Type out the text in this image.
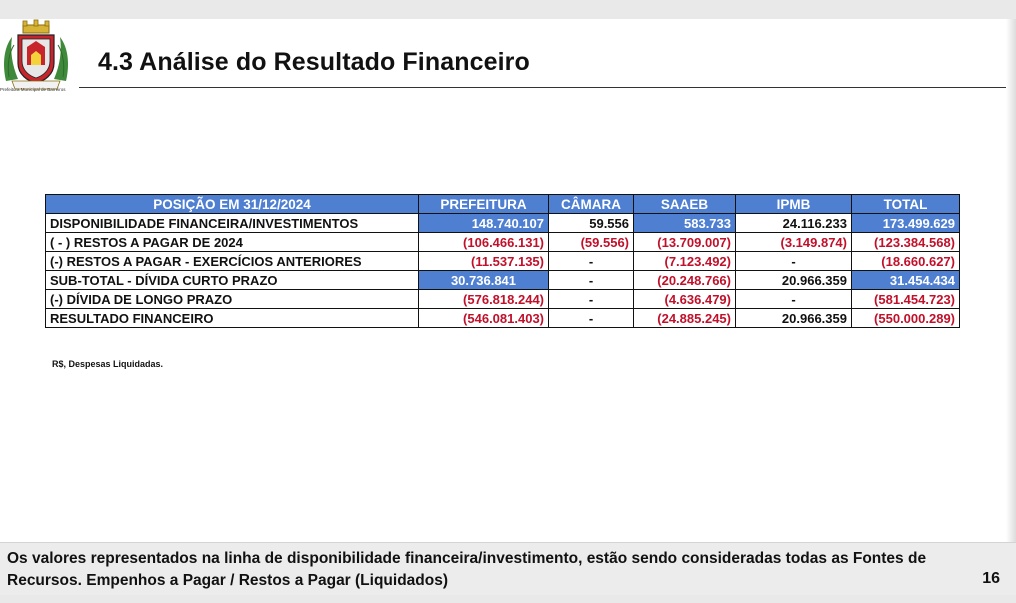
Prefeitura Municipal de Barreiros
4.3 Análise do Resultado Financeiro
POSIÇÃO EM 31/12/2024	PREFEITURA	CÂMARA	SAAEB	IPMB	TOTAL
DISPONIBILIDADE FINANCEIRA/INVESTIMENTOS	148.740.107	59.556	583.733	24.116.233	173.499.629
( - ) RESTOS A PAGAR DE 2024	(106.466.131)	(59.556)	(13.709.007)	(3.149.874)	(123.384.568)
(-) RESTOS A PAGAR - EXERCÍCIOS ANTERIORES	(11.537.135)	-	(7.123.492)	-	(18.660.627)
SUB-TOTAL - DÍVIDA CURTO PRAZO	30.736.841	-	(20.248.766)	20.966.359	31.454.434
(-) DÍVIDA DE LONGO PRAZO	(576.818.244)	-	(4.636.479)	-	(581.454.723)
RESULTADO FINANCEIRO	(546.081.403)	-	(24.885.245)	20.966.359	(550.000.289)
R$, Despesas Liquidadas.
Os valores representados na linha de disponibilidade financeira/investimento, estão sendo consideradas todas as Fontes de
Recursos. Empenhos a Pagar / Restos a Pagar (Liquidados)	16
